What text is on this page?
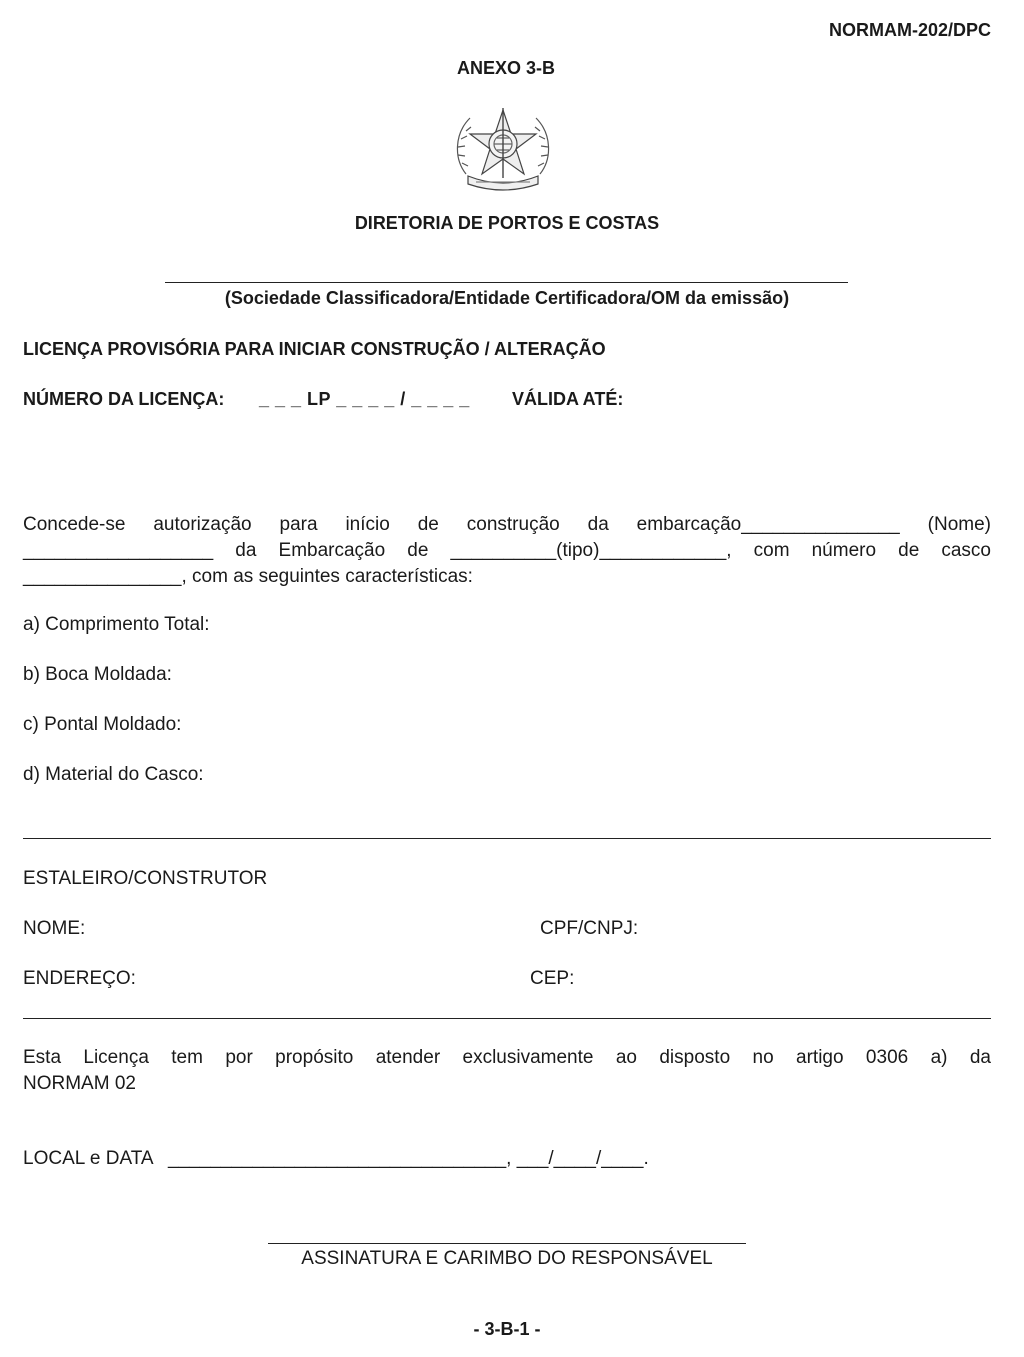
NORMAM-202/DPC
ANEXO 3-B
DIRETORIA DE PORTOS E COSTAS
(Sociedade Classificadora/Entidade Certificadora/OM da emissão)
LICENÇA PROVISÓRIA PARA INICIAR CONSTRUÇÃO / ALTERAÇÃO
NÚMERO DA LICENÇA: _ _ _ LP _ _ _ _ / _ _ _ _ VÁLIDA ATÉ:
Concede-se autorização para início de construção da embarcação_______________ (Nome)
__________________ da Embarcação de __________(tipo)____________, com número de casco
_______________, com as seguintes características:
a) Comprimento Total:
b) Boca Moldada:
c) Pontal Moldado:
d) Material do Casco:
ESTALEIRO/CONSTRUTOR
NOME:	CPF/CNPJ:
ENDEREÇO:	CEP:
Esta Licença tem por propósito atender exclusivamente ao disposto no artigo 0306 a) da
NORMAM 02
LOCAL e DATA ________________________________, ___/____/____.
ASSINATURA E CARIMBO DO RESPONSÁVEL
- 3-B-1 -
